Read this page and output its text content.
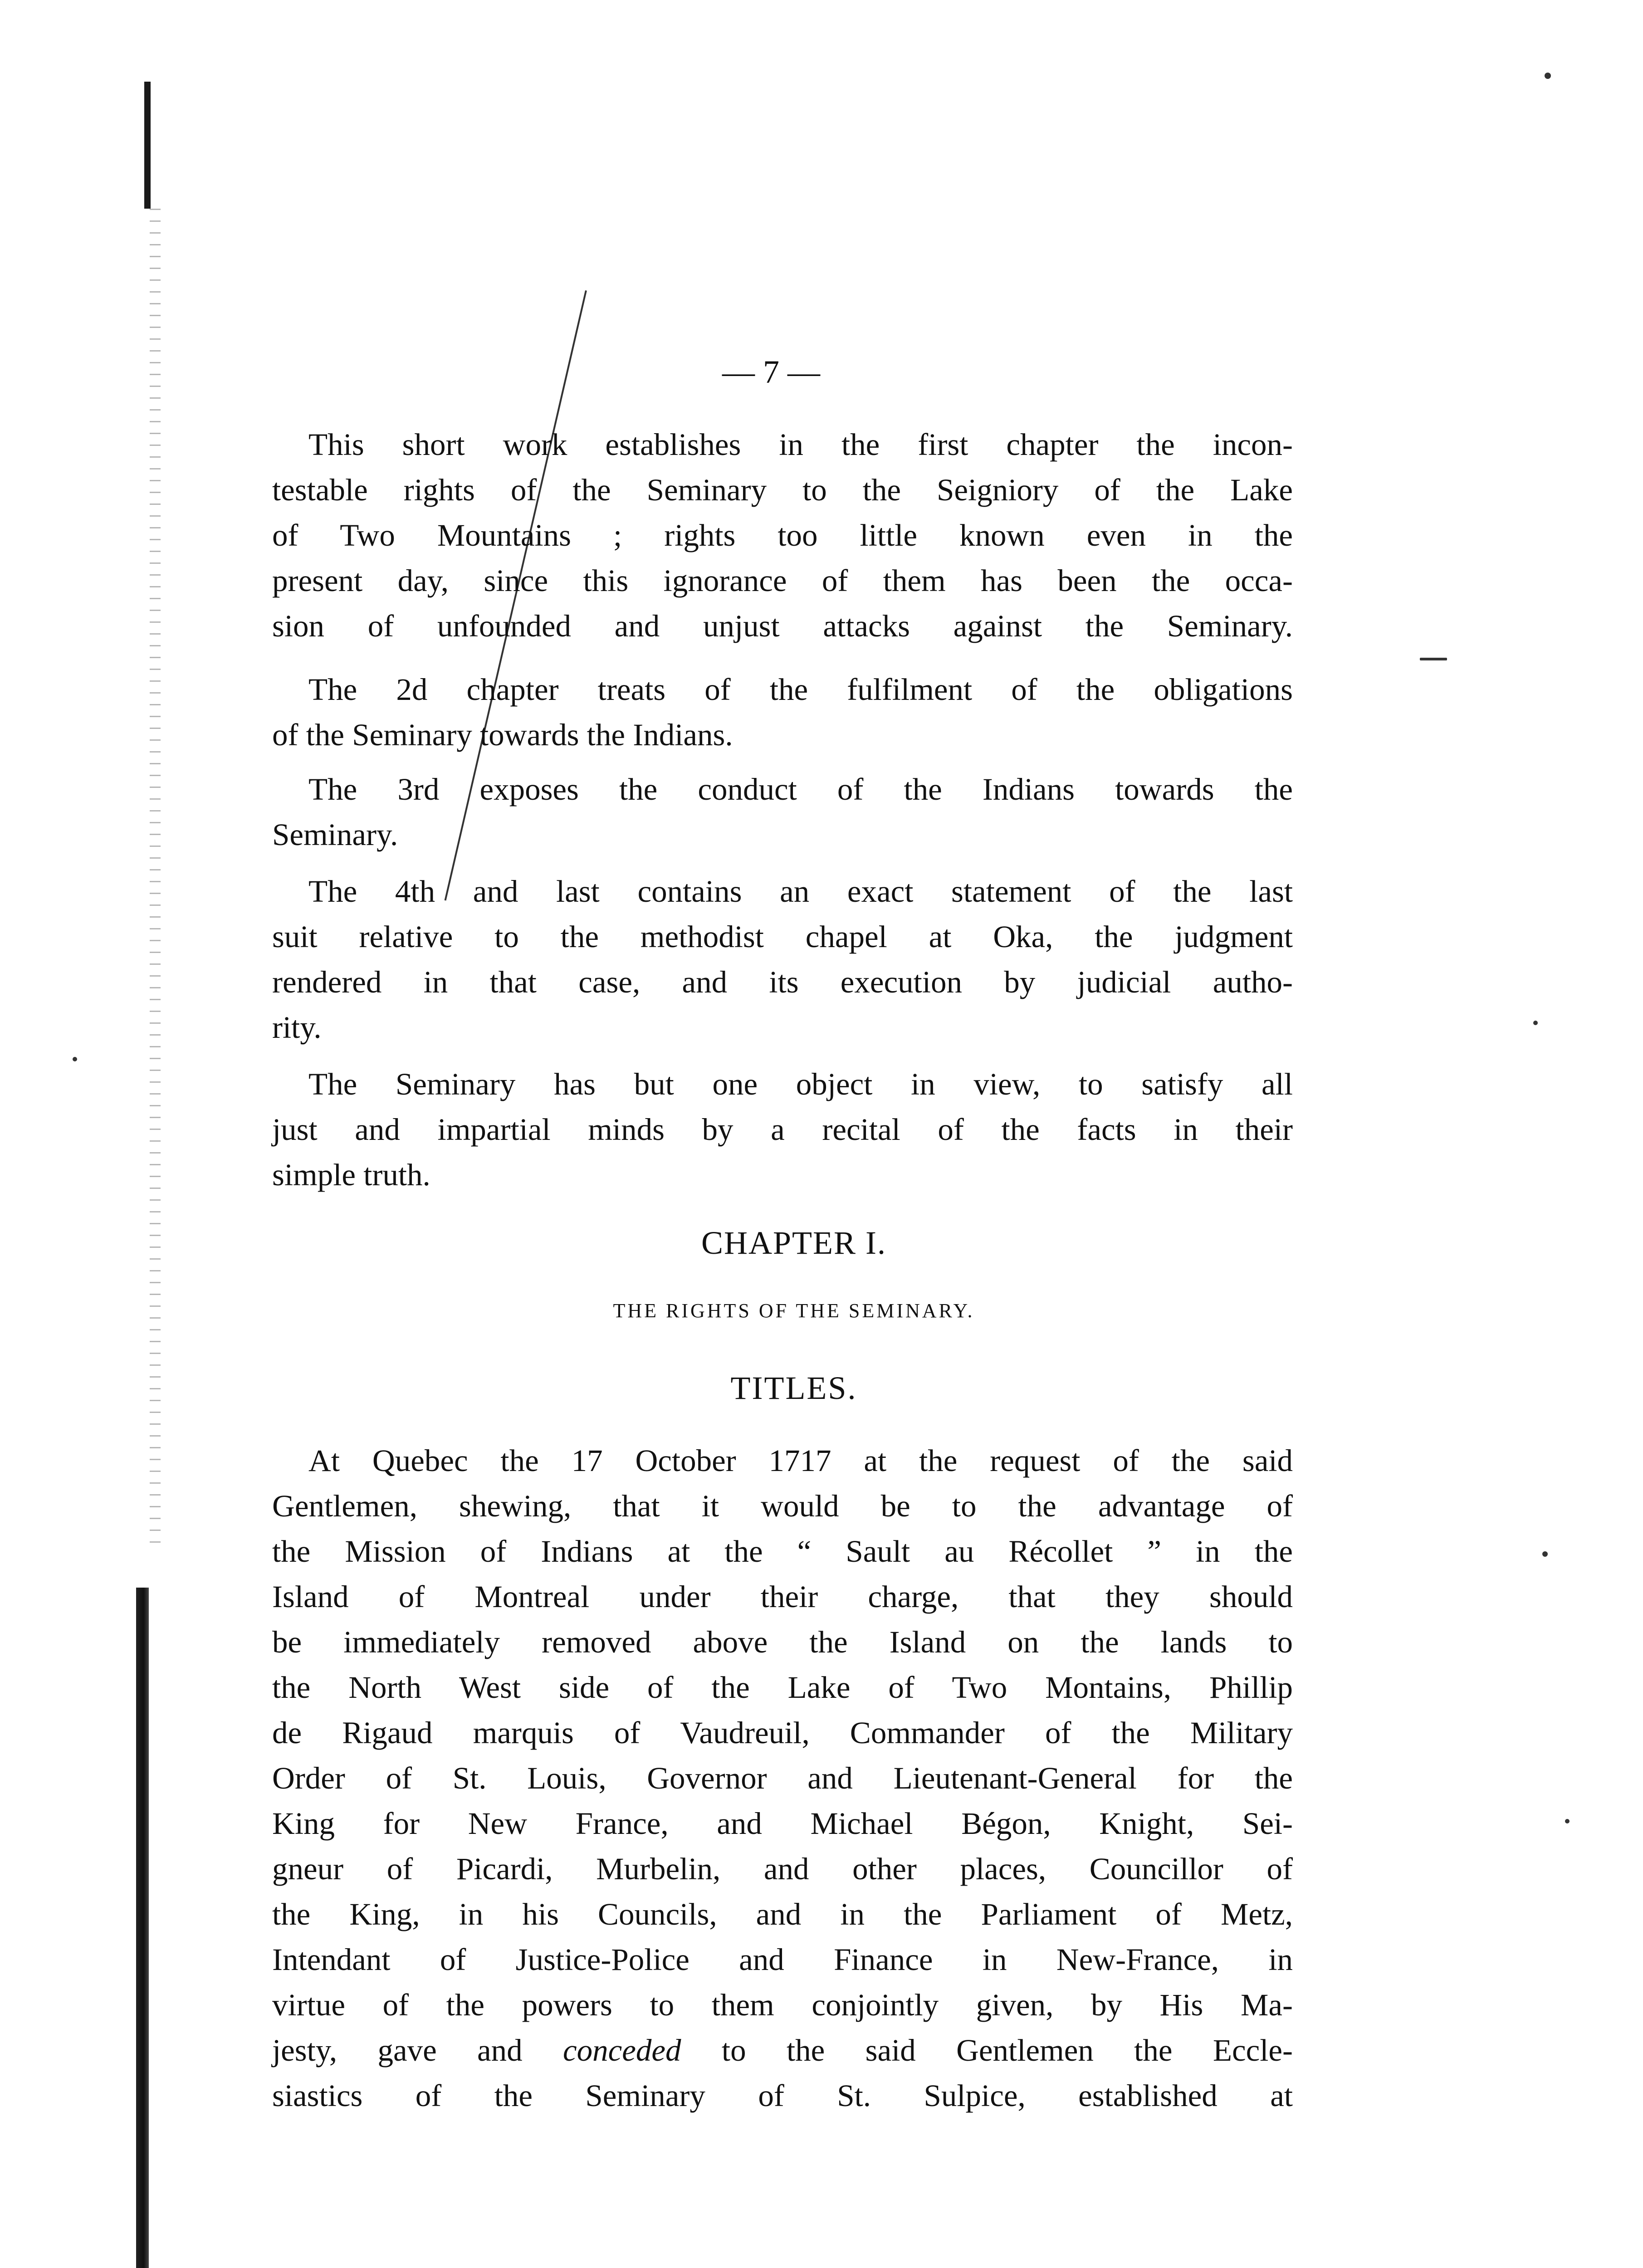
— 7 —
This short work establishes in the first chapter the incon-
testable rights of the Seminary to the Seigniory of the Lake
of Two Mountains ; rights too little known even in the
present day, since this ignorance of them has been the occa-
sion of unfounded and unjust attacks against the Seminary.
The 2d chapter treats of the fulfilment of the obligations
of the Seminary towards the Indians.
The 3rd exposes the conduct of the Indians towards the
Seminary.
The 4th and last contains an exact statement of the last
suit relative to the methodist chapel at Oka, the judgment
rendered in that case, and its execution by judicial autho-
rity.
The Seminary has but one object in view, to satisfy all
just and impartial minds by a recital of the facts in their
simple truth.
CHAPTER I.
THE RIGHTS OF THE SEMINARY.
TITLES.
At Quebec the 17 October 1717 at the request of the said
Gentlemen, shewing, that it would be to the advantage of
the Mission of Indians at the “ Sault au Récollet ” in the
Island of Montreal under their charge, that they should
be immediately removed above the Island on the lands to
the North West side of the Lake of Two Montains, Phillip
de Rigaud marquis of Vaudreuil, Commander of the Military
Order of St. Louis, Governor and Lieutenant-General for the
King for New France, and Michael Bégon, Knight, Sei-
gneur of Picardi, Murbelin, and other places, Councillor of
the King, in his Councils, and in the Parliament of Metz,
Intendant of Justice-Police and Finance in New-France, in
virtue of the powers to them conjointly given, by His Ma-
jesty, gave and conceded to the said Gentlemen the Eccle-
siastics of the Seminary of St. Sulpice, established at
